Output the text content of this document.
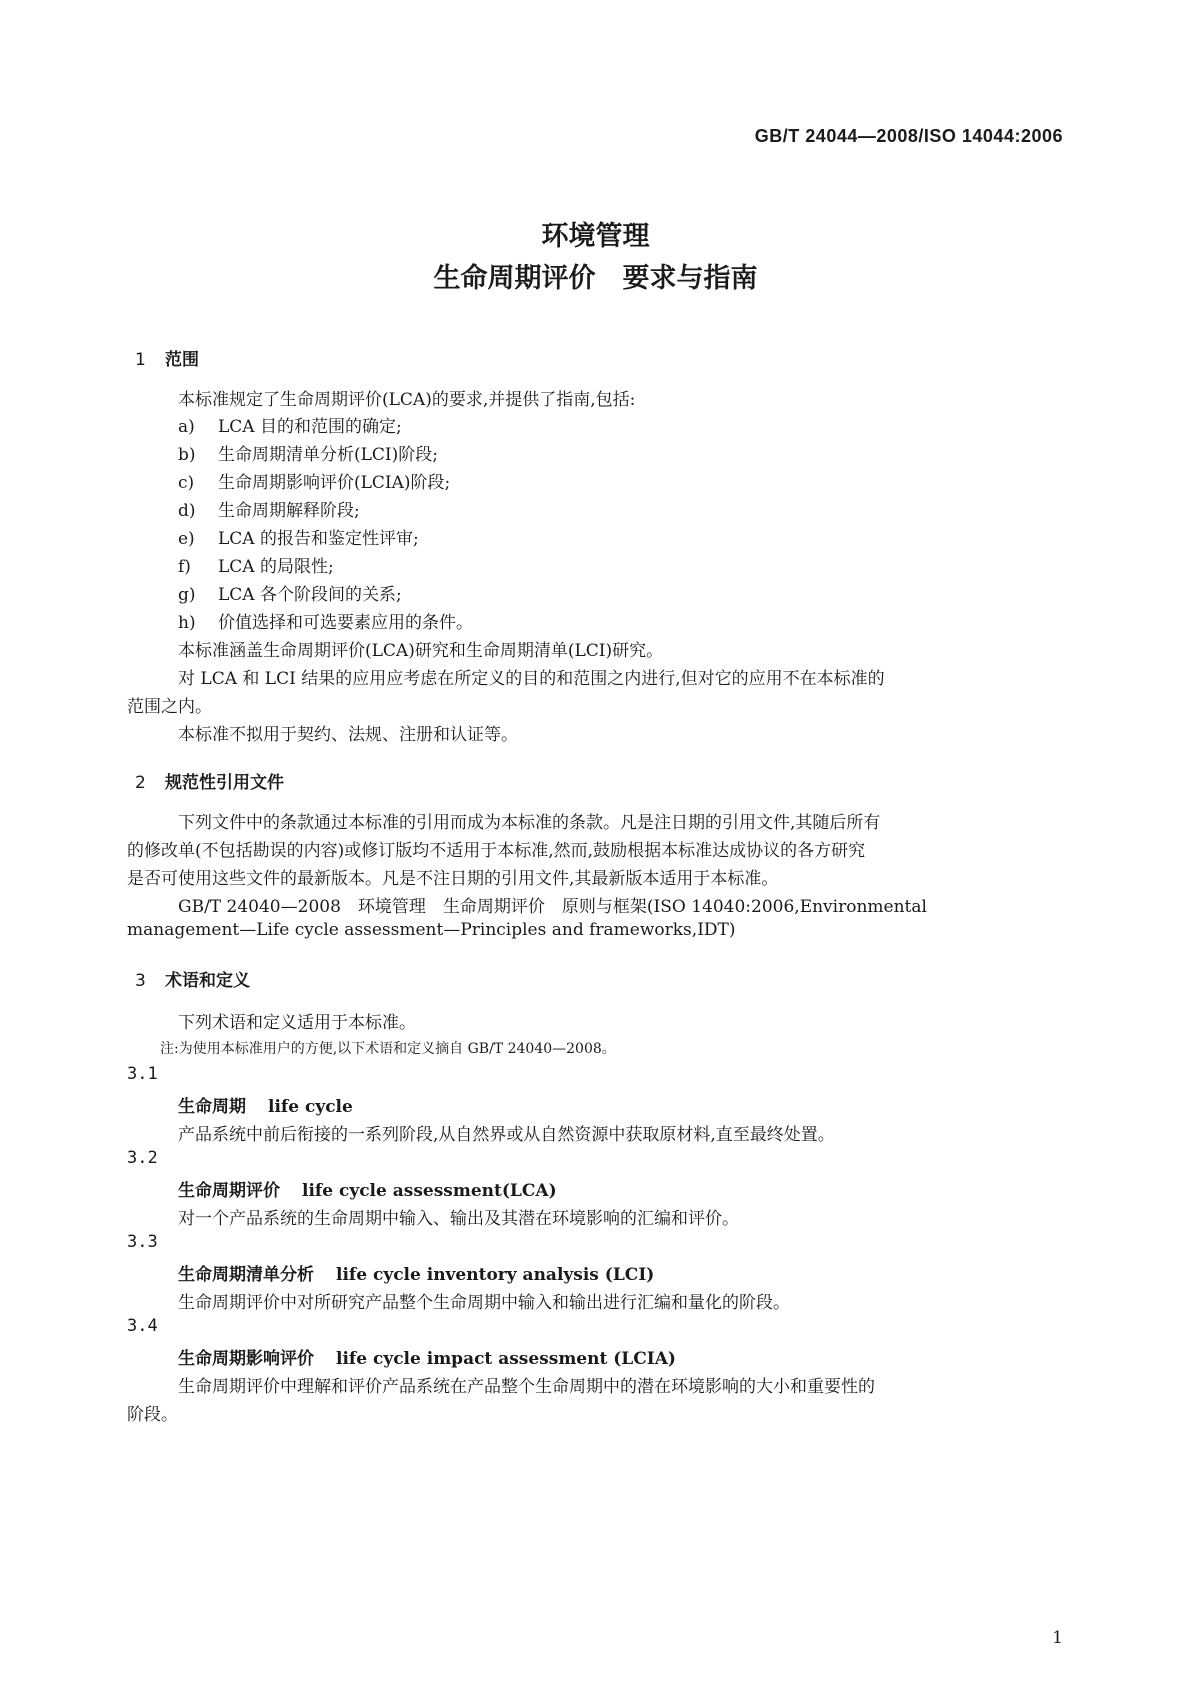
GB/T 24044—2008/ISO 14044:2006
环境管理
生命周期评价　要求与指南
1 范围
本标准规定了生命周期评价(LCA)的要求,并提供了指南,包括:
a) LCA 目的和范围的确定;
b) 生命周期清单分析(LCI)阶段;
c) 生命周期影响评价(LCIA)阶段;
d) 生命周期解释阶段;
e) LCA 的报告和鉴定性评审;
f) LCA 的局限性;
g) LCA 各个阶段间的关系;
h) 价值选择和可选要素应用的条件。
本标准涵盖生命周期评价(LCA)研究和生命周期清单(LCI)研究。
对 LCA 和 LCI 结果的应用应考虑在所定义的目的和范围之内进行,但对它的应用不在本标准的
范围之内。
本标准不拟用于契约、法规、注册和认证等。
2 规范性引用文件
下列文件中的条款通过本标准的引用而成为本标准的条款。凡是注日期的引用文件,其随后所有
的修改单(不包括勘误的内容)或修订版均不适用于本标准,然而,鼓励根据本标准达成协议的各方研究
是否可使用这些文件的最新版本。凡是不注日期的引用文件,其最新版本适用于本标准。
GB/T 24040—2008　环境管理　生命周期评价　原则与框架(ISO 14040:2006,Environmental
management—Life cycle assessment—Principles and frameworks,IDT)
3 术语和定义
下列术语和定义适用于本标准。
注:为使用本标准用户的方便,以下术语和定义摘自 GB/T 24040—2008。
3.1
生命周期 life cycle
产品系统中前后衔接的一系列阶段,从自然界或从自然资源中获取原材料,直至最终处置。
3.2
生命周期评价 life cycle assessment(LCA)
对一个产品系统的生命周期中输入、输出及其潜在环境影响的汇编和评价。
3.3
生命周期清单分析 life cycle inventory analysis (LCI)
生命周期评价中对所研究产品整个生命周期中输入和输出进行汇编和量化的阶段。
3.4
生命周期影响评价 life cycle impact assessment (LCIA)
生命周期评价中理解和评价产品系统在产品整个生命周期中的潜在环境影响的大小和重要性的
阶段。
1
